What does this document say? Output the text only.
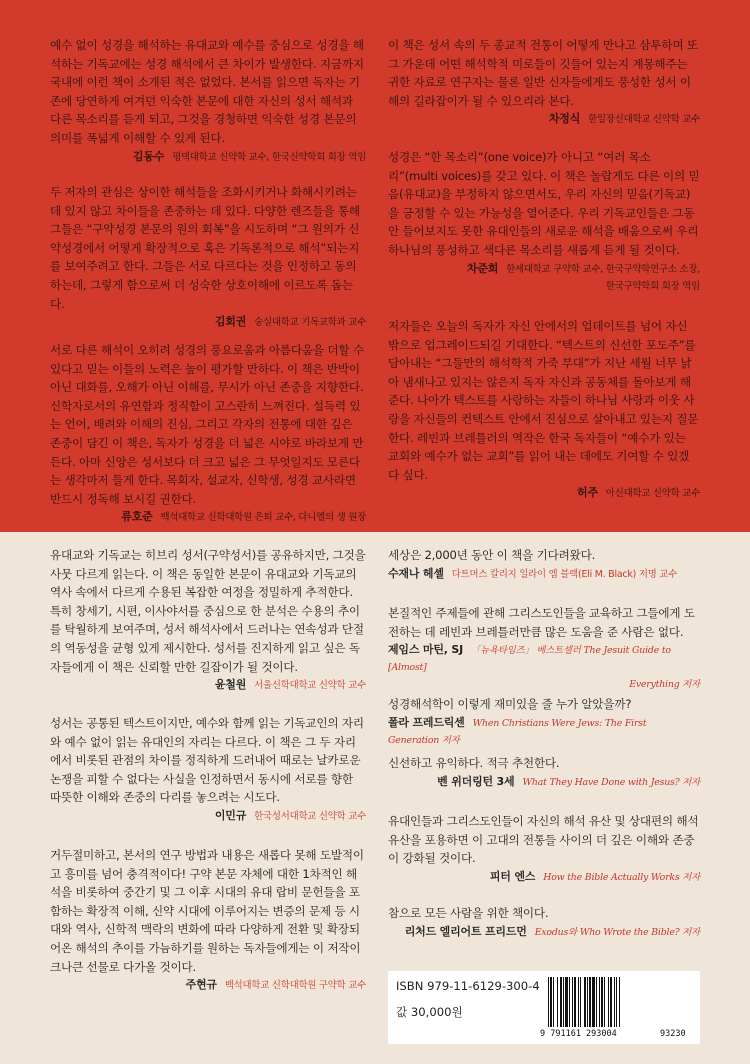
예수 없이 성경을 해석하는 유대교와 예수를 중심으로 성경을 해석하는 기독교에는 성경 해석에서 큰 차이가 발생한다. 지금까지 국내에 이런 책이 소개된 적은 없었다. 본서를 읽으면 독자는 기존에 당연하게 여겨던 익숙한 본문에 대한 자신의 성서 해석과 다른 목소리를 듣게 되고, 그것을 경청하면 익숙한 성경 본문의 의미를 폭넓게 이해할 수 있게 된다.

김동수 평택대학교 신약학 교수, 한국신약학회 회장 역임

두 저자의 관심은 상이한 해석들을 조화시키거나 화해시키려는 데 있지 않고 차이들을 존중하는 데 있다. 다양한 렌즈들을 통해 그들은 “구약성경 본문의 원의 회복”을 시도하며 “그 원의가 신약성경에서 어떻게 확장적으로 혹은 기독론적으로 해석”되는지를 보여주려고 한다. 그들은 서로 다르다는 것을 인정하고 동의하는데, 그렇게 함으로써 더 성숙한 상호이해에 이르도록 돕는다.

김회권 숭실대학교 기독교학과 교수

서로 다른 해석이 오히려 성경의 풍요로움과 아름다움을 더할 수 있다고 믿는 이들의 노력은 높이 평가할 만하다. 이 책은 반박이 아닌 대화를, 오해가 아닌 이해를, 무시가 아닌 존중을 지향한다. 신학자로서의 유연함과 정직함이 고스란히 느껴진다. 설득력 있는 언어, 배려와 이해의 진심, 그리고 각자의 전통에 대한 깊은 존중이 담긴 이 책은, 독자가 성경을 더 넓은 시야로 바라보게 만든다. 아마 신앙은 성서보다 더 크고 넓은 그 무엇일지도 모른다는 생각마저 들게 한다. 목회자, 설교자, 신학생, 성경 교사라면 반드시 정독해 보시길 권한다.

류호준 백석대학교 신학대학원 은퇴 교수, 다니엘의 생 원장

이 책은 성서 속의 두 종교적 전통이 어떻게 만나고 삼투하며 또 그 가운데 어떤 해석학적 미로들이 깃들어 있는지 계몽해주는 귀한 자료로 연구자는 물론 일반 신자들에게도 풍성한 성서 이해의 길라잡이가 될 수 있으리라 본다.

차정식 한일장신대학교 신약학 교수

성경은 “한 목소리”(one voice)가 아니고 “여러 목소리”(multi voices)를 갖고 있다. 이 책은 놀랍게도 다른 이의 믿음(유대교)을 부정하지 않으면서도, 우리 자신의 믿음(기독교)을 긍정할 수 있는 가능성을 열어준다. 우리 기독교인들은 그동안 들어보지도 못한 유대인들의 새로운 해석을 배움으로써 우리 하나님의 풍성하고 색다른 목소리를 새롭게 듣게 될 것이다.

차준희 한세대학교 구약학 교수, 한국구약학연구소 소장,
한국구약학회 회장 역임

저자들은 오늘의 독자가 자신 안에서의 업데이트를 넘어 자신 밖으로 업그레이드되길 기대한다. “텍스트의 신선한 포도주”를 담아내는 “그들만의 해석학적 가죽 부대”가 지난 세월 너무 낡아 냄새나고 있지는 않은지 독자 자신과 공동체를 돌아보게 해준다. 나아가 텍스트를 사랑하는 자들이 하나님 사랑과 이웃 사랑을 자신들의 컨텍스트 안에서 진심으로 살아내고 있는지 질문한다. 레빈과 브레틀러의 역작은 한국 독자들이 “예수가 있는 교회와 예수가 없는 교회”를 읽어 내는 데에도 기여할 수 있겠다 싶다.

허주 아신대학교 신약학 교수

유대교와 기독교는 히브리 성서(구약성서)를 공유하지만, 그것을 사뭇 다르게 읽는다. 이 책은 동일한 본문이 유대교와 기독교의 역사 속에서 다르게 수용된 복잡한 여정을 정밀하게 추적한다. 특히 창세기, 시편, 이사야서를 중심으로 한 분석은 수용의 추이를 탁월하게 보여주며, 성서 해석사에서 드러나는 연속성과 단절의 역동성을 균형 있게 제시한다. 성서를 진지하게 읽고 싶은 독자들에게 이 책은 신뢰할 만한 길잡이가 될 것이다.

윤철원 서울신학대학교 신약학 교수

성서는 공통된 텍스트이지만, 예수와 함께 읽는 기독교인의 자리와 예수 없이 읽는 유대인의 자리는 다르다. 이 책은 그 두 자리에서 비롯된 관점의 차이를 정직하게 드러내어 때로는 날카로운 논쟁을 피할 수 없다는 사실을 인정하면서 동시에 서로를 향한 따뜻한 이해와 존중의 다리를 놓으려는 시도다.

이민규 한국성서대학교 신약학 교수

거두절미하고, 본서의 연구 방법과 내용은 새롭다 못해 도발적이고 흥미를 넘어 충격적이다! 구약 본문 자체에 대한 1차적인 해석을 비롯하여 중간기 및 그 이후 시대의 유대 랍비 문헌들을 포함하는 확장적 이해, 신약 시대에 이루어지는 변증의 문제 등 시대와 역사, 신학적 맥락의 변화에 따라 다양하게 전환 및 확장되어온 해석의 추이를 가늠하기를 원하는 독자들에게는 이 저작이 크나큰 선물로 다가올 것이다.

주현규 백석대학교 신학대학원 구약학 교수

세상은 2,000년 동안 이 책을 기다려왔다.

수재나 헤셸 다트머스 칼리지 일라이 엠 블랙(Eli M. Black) 저명 교수

본질적인 주제들에 관해 그리스도인들을 교육하고 그들에게 도전하는 데 레빈과 브레틀러만큼 많은 도움을 준 사람은 없다.

제임스 마틴, SJ 「뉴욕타임즈」 베스트셀러 The Jesuit Guide to [Almost]
Everything 저자

성경해석학이 이렇게 재미있을 줄 누가 알았을까?

폴라 프레드릭센 When Christians Were Jews: The First Generation 저자

신선하고 유익하다. 적극 추천한다.

벤 위더링턴 3세 What They Have Done with Jesus? 저자

유대인들과 그리스도인들이 자신의 해석 유산 및 상대편의 해석 유산을 포용하면 이 고대의 전통들 사이의 더 깊은 이해와 존중이 강화될 것이다.

피터 엔스 How the Bible Actually Works 저자

참으로 모든 사람을 위한 책이다.

리처드 엘리어트 프리드먼 Exodus와 Who Wrote the Bible? 저자
ISBN 979-11-6129-300-4
값 30,000원
9 791161 293004	93230
